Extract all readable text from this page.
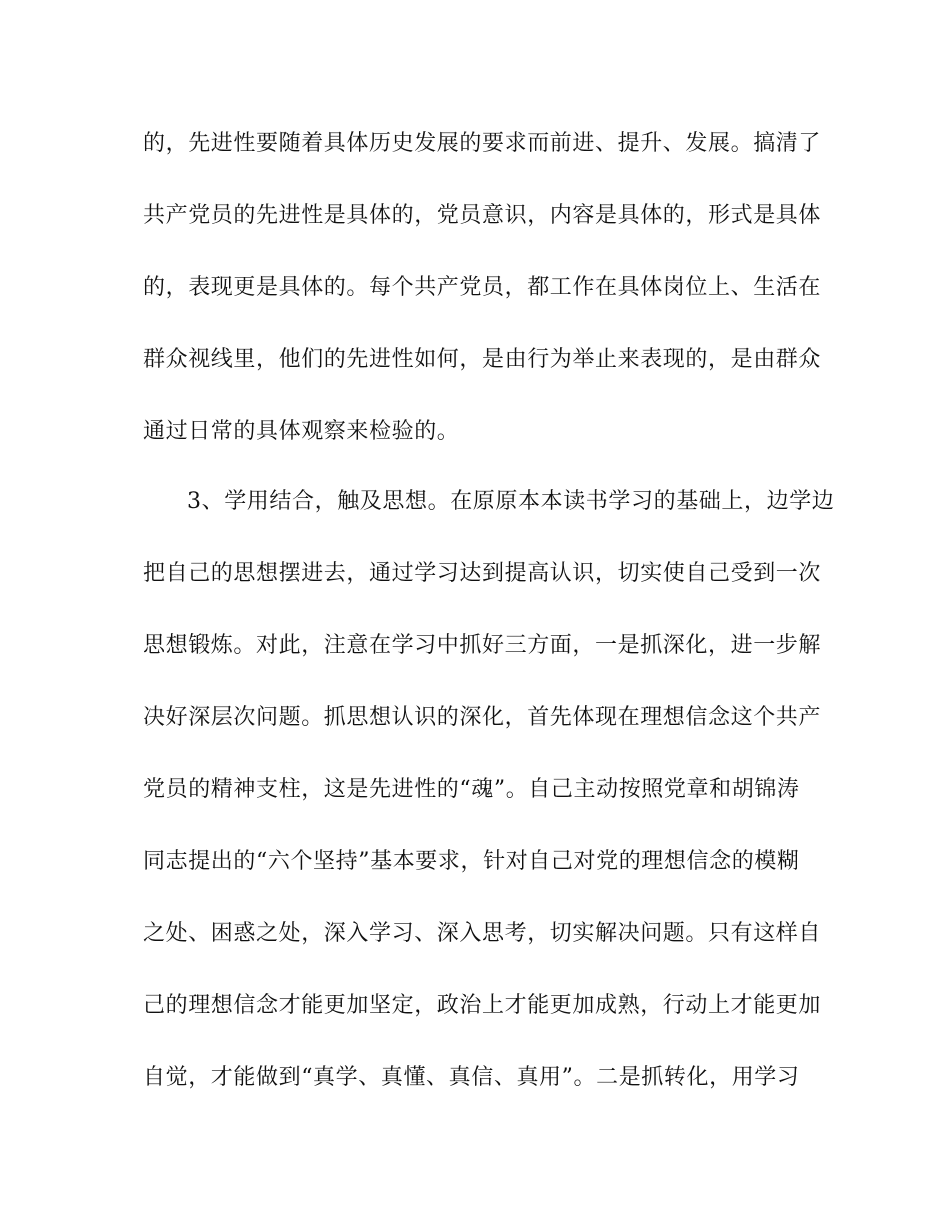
的，先进性要随着具体历史发展的要求而前进、提升、发展。搞清了

共产党员的先进性是具体的，党员意识，内容是具体的，形式是具体

的，表现更是具体的。每个共产党员，都工作在具体岗位上、生活在

群众视线里，他们的先进性如何，是由行为举止来表现的，是由群众

通过日常的具体观察来检验的。

3、学用结合，触及思想。在原原本本读书学习的基础上，边学边

把自己的思想摆进去，通过学习达到提高认识，切实使自己受到一次

思想锻炼。对此，注意在学习中抓好三方面，一是抓深化，进一步解

决好深层次问题。抓思想认识的深化，首先体现在理想信念这个共产

党员的精神支柱，这是先进性的“魂”。自己主动按照党章和胡锦涛

同志提出的“六个坚持”基本要求，针对自己对党的理想信念的模糊

之处、困惑之处，深入学习、深入思考，切实解决问题。只有这样自

己的理想信念才能更加坚定，政治上才能更加成熟，行动上才能更加

自觉，才能做到“真学、真懂、真信、真用”。二是抓转化，用学习
